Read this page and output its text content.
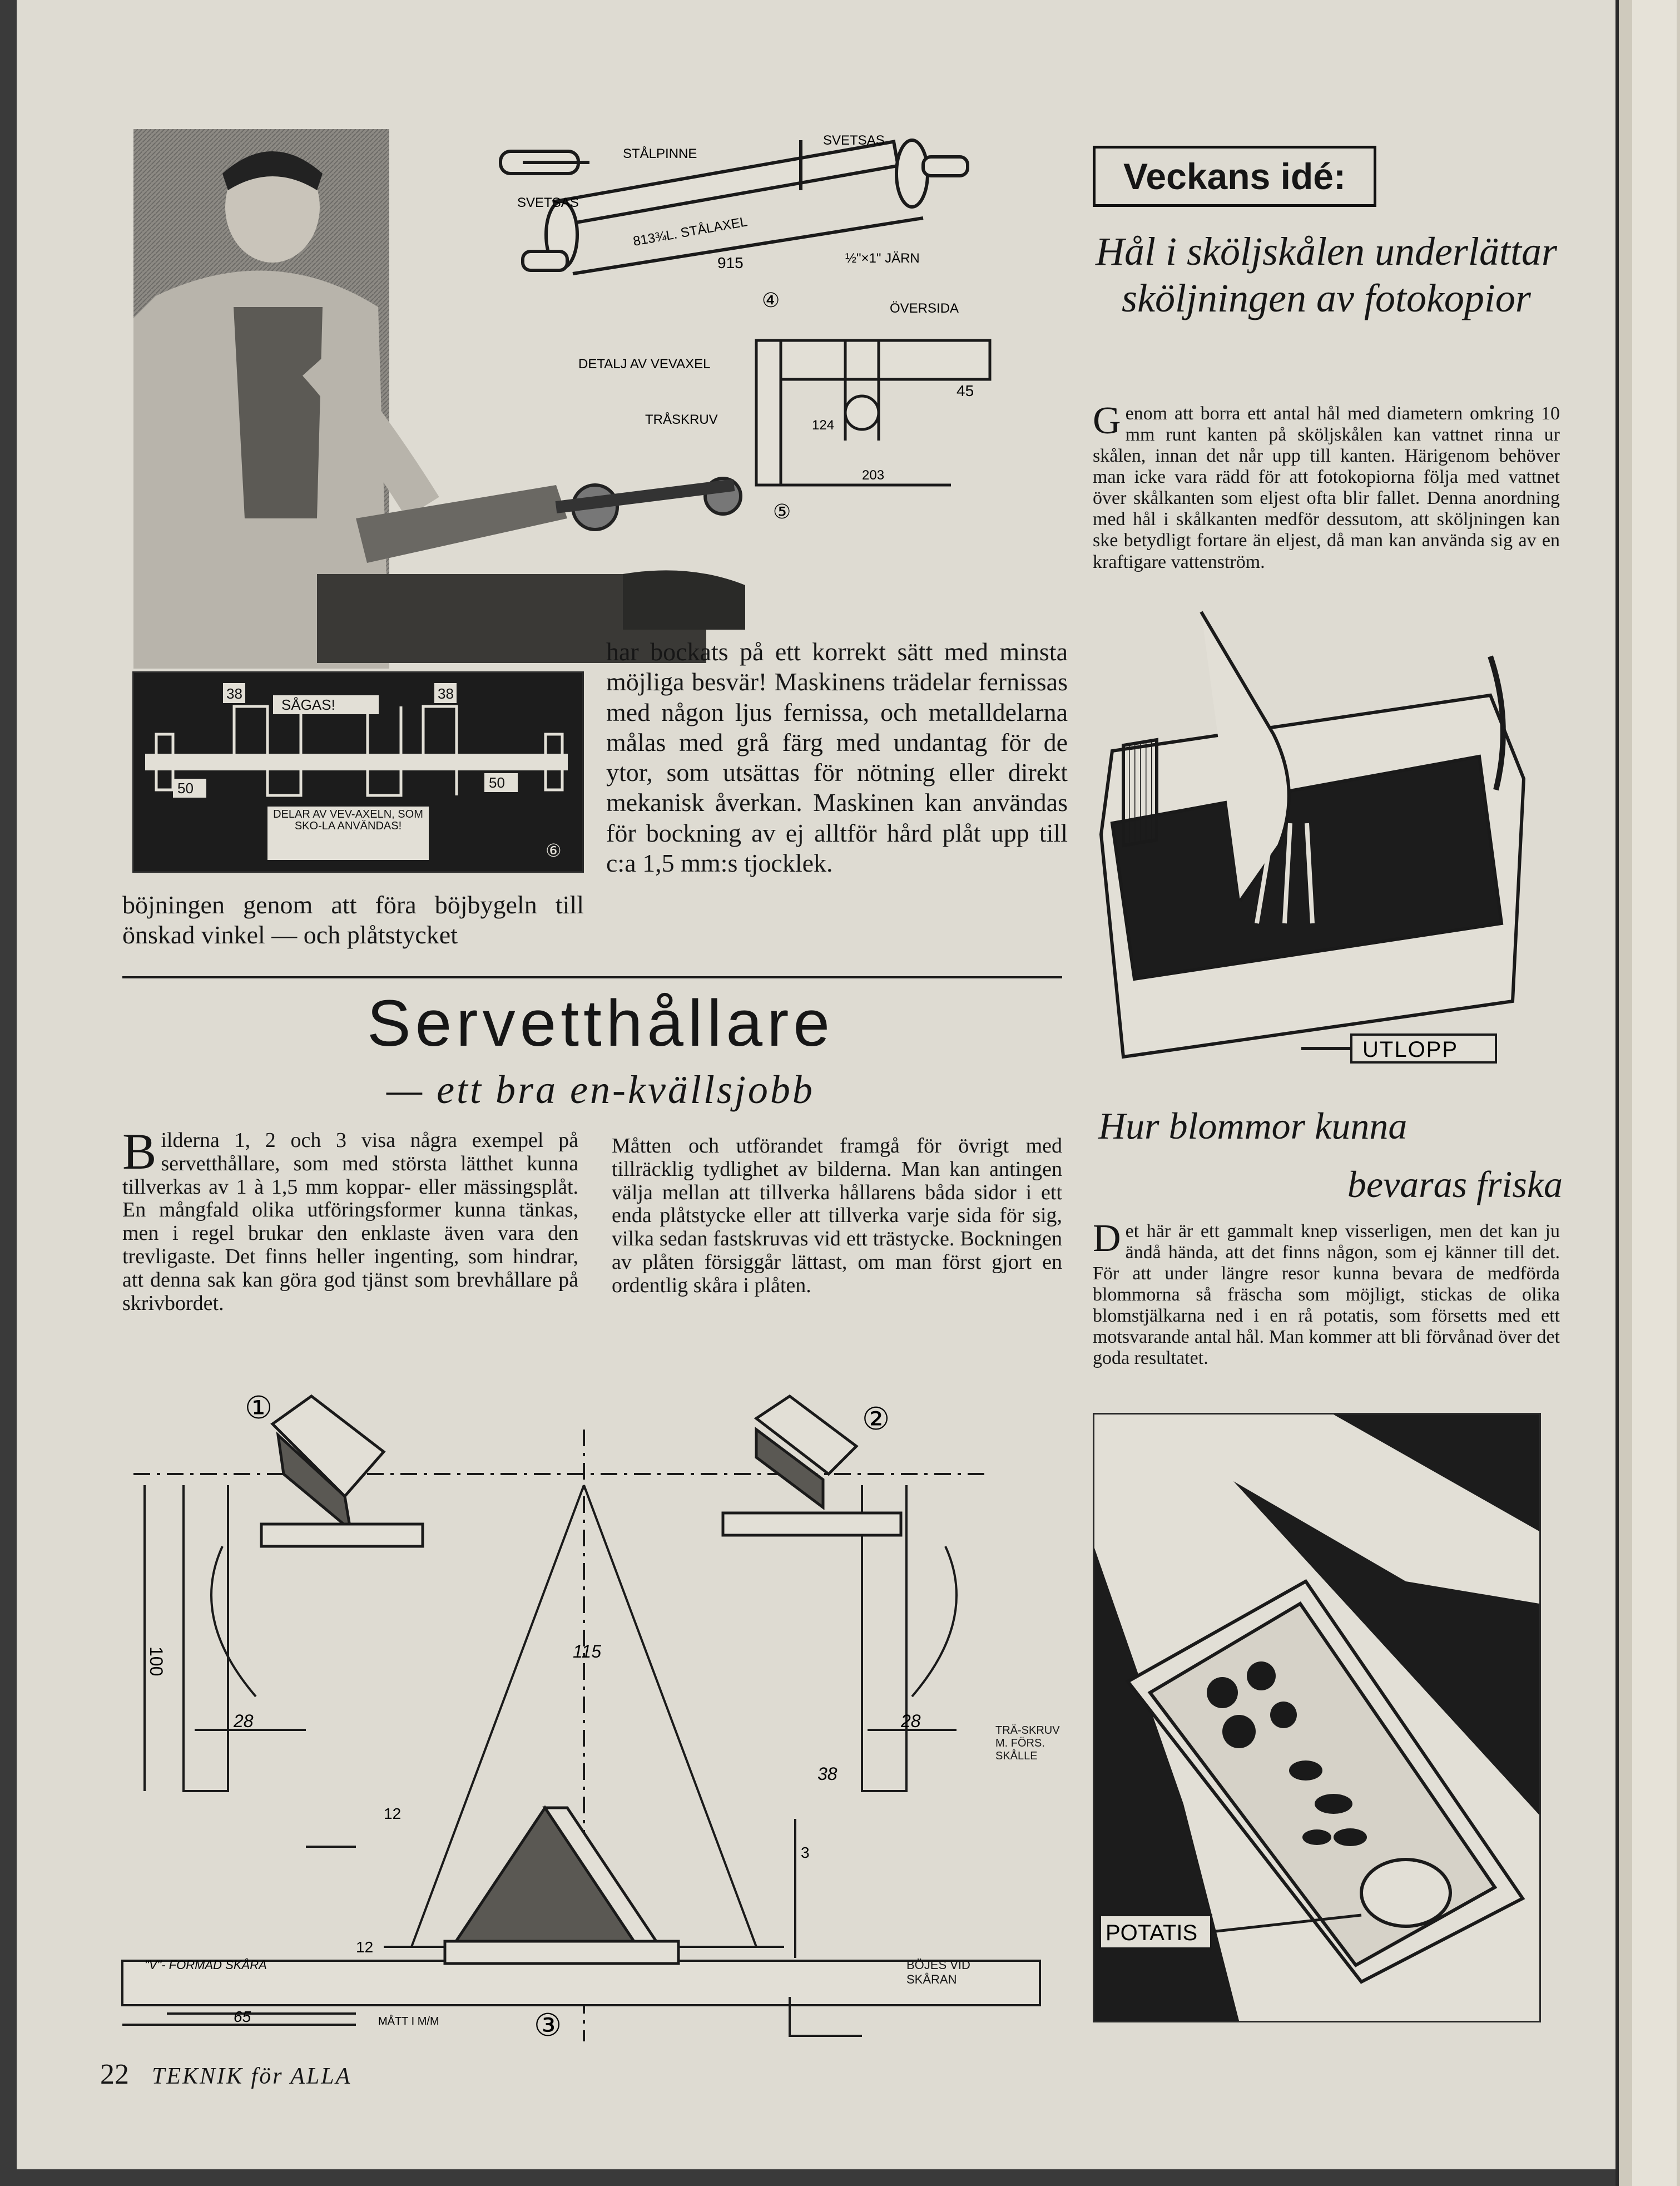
STÅLPINNE
SVETSAS
SVETSAS
813¾L. STÅLAXEL
915	½"×1" JÄRN
④	ÖVERSIDA
DETALJ AV VEVAXEL
TRÅSKRUV	124
45
203
⑤
38	38
SÅGAS!
50	50
DELAR AV VEV-AXELN, SOM SKO-LA ANVÄNDAS!
⑥
böjningen genom att föra böjbygeln till önskad vinkel — och plåtstycket
har bockats på ett korrekt sätt med minsta möjliga besvär! Maskinens trädelar fernissas med någon ljus fernissa, och metalldelarna målas med grå färg med undantag för de ytor, som utsättas för nötning eller direkt mekanisk åverkan. Maskinen kan användas för bockning av ej alltför hård plåt upp till c:a 1,5 mm:s tjocklek.
Servetthållare
— ett bra en-kvällsjobb
B ilderna 1, 2 och 3 visa några exempel på servetthållare, som med största lätthet kunna tillverkas av 1 à 1,5 mm koppar- eller mässingsplåt. En mångfald olika utföringsformer kunna tänkas, men i regel brukar den enklaste även vara den trevligaste. Det finns heller ingenting, som hindrar, att denna sak kan göra god tjänst som brevhållare på skrivbordet.
Måtten och utförandet framgå för övrigt med tillräcklig tydlighet av bilderna. Man kan antingen välja mellan att tillverka hållarens båda sidor i ett enda plåtstycke eller att tillverka varje sida för sig, vilka sedan fastskruvas vid ett trästycke. Bockningen av plåten försiggår lättast, om man först gjort en ordentlig skåra i plåten.
①	②
③
100
28	28
115
12
12
38
3
TRÄ-SKRUV M. FÖRS. SKÅLLE
"V"- FORMAD SKÅRA
65	MÅTT I M/M
BÖJES VID SKÅRAN
Veckans idé:
Hål i sköljskålen underlättar sköljningen av fotokopior
G enom att borra ett antal hål med diametern omkring 10 mm runt kanten på sköljskålen kan vattnet rinna ur skålen, innan det når upp till kanten. Härigenom behöver man icke vara rädd för att fotokopiorna följa med vattnet över skålkanten som eljest ofta blir fallet. Denna anordning med hål i skålkanten medför dessutom, att sköljningen kan ske betydligt fortare än eljest, då man kan använda sig av en kraftigare vattenström.
UTLOPP
Hur blommor kunna
bevaras friska
D et här är ett gammalt knep visserligen, men det kan ju ändå hända, att det finns någon, som ej känner till det. För att under längre resor kunna bevara de medförda blommorna så fräscha som möjligt, stickas de olika blomstjälkarna ned i en rå potatis, som försetts med ett motsvarande antal hål. Man kommer att bli förvånad över det goda resultatet.
POTATIS
22 TEKNIK för ALLA
